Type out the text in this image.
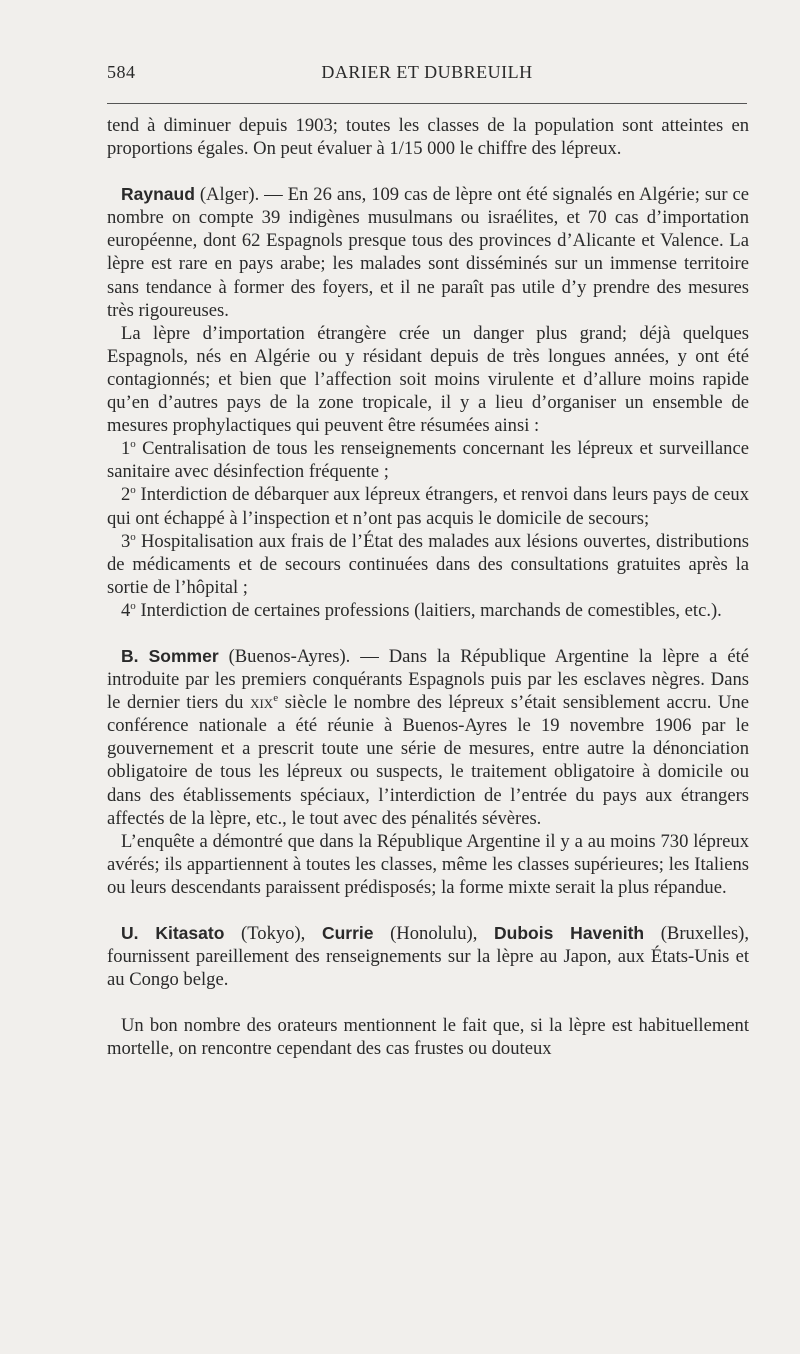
584	DARIER ET DUBREUILH

tend à diminuer depuis 1903; toutes les classes de la population sont atteintes en proportions égales. On peut évaluer à 1/15 000 le chiffre des lépreux.

Raynaud (Alger). — En 26 ans, 109 cas de lèpre ont été signalés en Algérie; sur ce nombre on compte 39 indigènes musulmans ou israélites, et 70 cas d’importation européenne, dont 62 Espagnols presque tous des provinces d’Alicante et Valence. La lèpre est rare en pays arabe; les malades sont disséminés sur un immense territoire sans tendance à former des foyers, et il ne paraît pas utile d’y prendre des mesures très rigoureuses.

La lèpre d’importation étrangère crée un danger plus grand; déjà quelques Espagnols, nés en Algérie ou y résidant depuis de très longues années, y ont été contagionnés; et bien que l’affection soit moins virulente et d’allure moins rapide qu’en d’autres pays de la zone tropicale, il y a lieu d’organiser un ensemble de mesures prophylactiques qui peuvent être résumées ainsi :

1$^o$ Centralisation de tous les renseignements concernant les lépreux et surveillance sanitaire avec désinfection fréquente ;

2$^o$ Interdiction de débarquer aux lépreux étrangers, et renvoi dans leurs pays de ceux qui ont échappé à l’inspection et n’ont pas acquis le domicile de secours;

3$^o$ Hospitalisation aux frais de l’État des malades aux lésions ouvertes, distributions de médicaments et de secours continuées dans des consultations gratuites après la sortie de l’hôpital ;

4$^o$ Interdiction de certaines professions (laitiers, marchands de comestibles, etc.).

B. Sommer (Buenos-Ayres). — Dans la République Argentine la lèpre a été introduite par les premiers conquérants Espagnols puis par les esclaves nègres. Dans le dernier tiers du xix$^e$ siècle le nombre des lépreux s’était sensiblement accru. Une conférence nationale a été réunie à Buenos-Ayres le 19 novembre 1906 par le gouvernement et a prescrit toute une série de mesures, entre autre la dénonciation obligatoire de tous les lépreux ou suspects, le traitement obligatoire à domicile ou dans des établissements spéciaux, l’interdiction de l’entrée du pays aux étrangers affectés de la lèpre, etc., le tout avec des pénalités sévères.

L’enquête a démontré que dans la République Argentine il y a au moins 730 lépreux avérés; ils appartiennent à toutes les classes, même les classes supérieures; les Italiens ou leurs descendants paraissent prédisposés; la forme mixte serait la plus répandue.

U. Kitasato (Tokyo), Currie (Honolulu), Dubois Havenith (Bruxelles), fournissent pareillement des renseignements sur la lèpre au Japon, aux États-Unis et au Congo belge.

Un bon nombre des orateurs mentionnent le fait que, si la lèpre est habituellement mortelle, on rencontre cependant des cas frustes ou douteux
